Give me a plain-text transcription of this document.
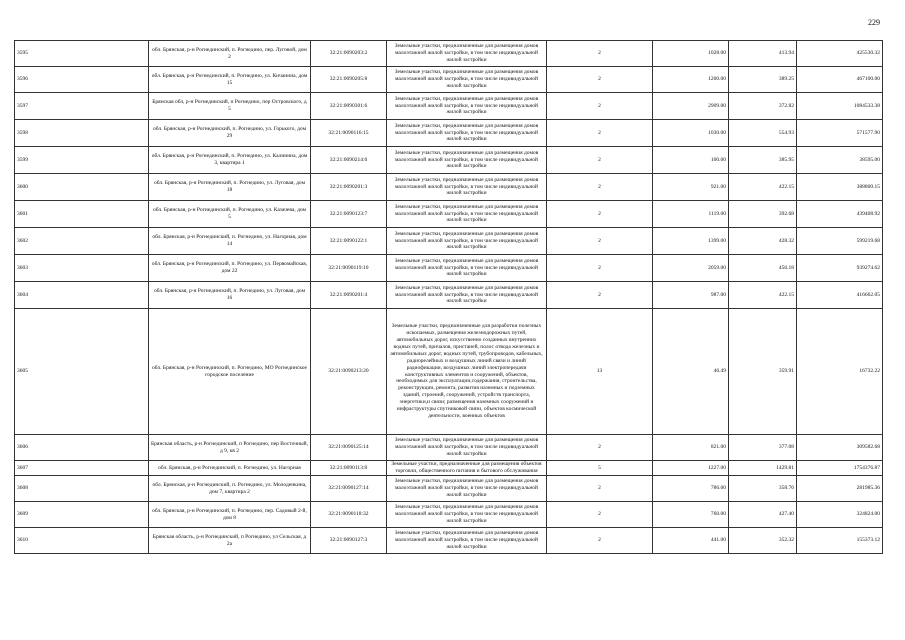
229
3595	обл. Брянская, р-н Рогнединский, п. Рогнедино, пер. Луговой, дом 2	32:21:0090203:2	Земельные участки, предназначенные для размещения домов малоэтажной жилой застройки, в том числе индивидуальной жилой застройки	2	1028.00	413.94	425530.32
3596	обл. Брянская, р-н Рогнединский, п. Рогнедино, ул. Кичанина, дом 15	32:21:0090205:8	Земельные участки, предназначенные для размещения домов малоэтажной жилой застройки, в том числе индивидуальной жилой застройки	2	1200.00	389.25	467100.00
3597	Брянская обл, р-н Рогнединский, п Рогнедино, пер Островского, д 5	32:21:0090301:6	Земельные участки, предназначенные для размещения домов малоэтажной жилой застройки, в том числе индивидуальной жилой застройки	2	2909.00	372.82	1084533.38
3598	обл. Брянская, р-н Рогнединский, п. Рогнедино, ул. Горького, дом 29	32:21:0090116:15	Земельные участки, предназначенные для размещения домов малоэтажной жилой застройки, в том числе индивидуальной жилой застройки	2	1030.00	554.93	571577.90
3599	обл. Брянская, р-н Рогнединский, п. Рогнедино, ул. Калинина, дом 3, квартира 1	32:21:0090214:6	Земельные участки, предназначенные для размещения домов малоэтажной жилой застройки, в том числе индивидуальной жилой застройки	2	100.00	385.95	38595.00
3600	обл. Брянская, р-н Рогнединский, п. Рогнедино, ул. Луговая, дом 18	32:21:0090201:3	Земельные участки, предназначенные для размещения домов малоэтажной жилой застройки, в том числе индивидуальной жилой застройки	2	921.00	422.15	388800.15
3601	обл. Брянская, р-н Рогнединский, п. Рогнедино, ул. Казачева, дом 5	32:21:0090123:7	Земельные участки, предназначенные для размещения домов малоэтажной жилой застройки, в том числе индивидуальной жилой застройки	2	1119.00	392.68	439408.92
3602	обл. Брянская, р-н Рогнединский, п. Рогнедино, ул. Нагорная, дом 14	32:21:0090122:1	Земельные участки, предназначенные для размещения домов малоэтажной жилой застройки, в том числе индивидуальной жилой застройки	2	1399.00	428.32	599219.68
3603	обл. Брянская, р-н Рогнединский, п. Рогнедино, ул. Первомайская, дом 22	32:21:0090119:10	Земельные участки, предназначенные для размещения домов малоэтажной жилой застройки, в том числе индивидуальной жилой застройки	2	2059.00	456.18	939274.62
3604	обл. Брянская, р-н Рогнединский, п. Рогнедино, ул. Луговая, дом 16	32:21:0090201:4	Земельные участки, предназначенные для размещения домов малоэтажной жилой застройки, в том числе индивидуальной жилой застройки	2	987.00	422.15	416662.05
3605	обл. Брянская, р-н Рогнединский, п. Рогнедино, МО Рогнединское городское поселение	32:21:0090213:20	Земельные участки, предназначенные для разработки полезных ископаемых, размещения железнодорожных путей, автомобильных дорог, искусственно созданных внутренних водных путей, причалов, пристаней, полос отвода железных и автомобильных дорог, водных путей, трубопроводов, кабельных, радиорелейных и воздушных линий связи и линий радиофикации, воздушных линий электропередачи конструктивных элементов и сооружений, объектов, необходимых для эксплуатации,содержания, строительства, реконструкции, ремонта, развития наземных и подземных зданий, строений, сооружений, устройств транспорта, энергетики,и связи; размещения наземных сооружений и инфраструктуры спутниковой связи, объектов космической деятельности, военных объектов	13	46.49	359.91	16732.22
3606	Брянская область, р-н Рогнединский, п Рогнедино, пер Восточный, д 9, кв 2	32:21:0090125:14	Земельные участки, предназначенные для размещения домов малоэтажной жилой застройки, в том числе индивидуальной жилой застройки	2	821.00	377.08	309582.68
3607	обл. Брянская, р-н Рогнединский, п. Рогнедино, ул. Нагорная	32:21:0090113:8	Земельные участки, предназначенные для размещения объектов торговли, общественного питания и бытового обслуживания	5	1227.00	1429.81	1754376.87
3608	обл. Брянская, р-н Рогнединский, п. Рогнедино, ул. Молоденкина, дом 7, квартира 2	32:21:0090127:14	Земельные участки, предназначенные для размещения домов малоэтажной жилой застройки, в том числе индивидуальной жилой застройки	2	786.00	358.76	281985.36
3609	обл. Брянская, р-н Рогнединский, п. Рогнедино, пер. Садовый 2-й, дом 8	32:21:0090118:32	Земельные участки, предназначенные для размещения домов малоэтажной жилой застройки, в том числе индивидуальной жилой застройки	2	760.00	427.40	324824.00
3610	Брянская область, р-н Рогнединский, п Рогнедино, ул Сельская, д 2а	32:21:0090127:3	Земельные участки, предназначенные для размещения домов малоэтажной жилой застройки, в том числе индивидуальной жилой застройки	2	441.00	352.32	155373.12
